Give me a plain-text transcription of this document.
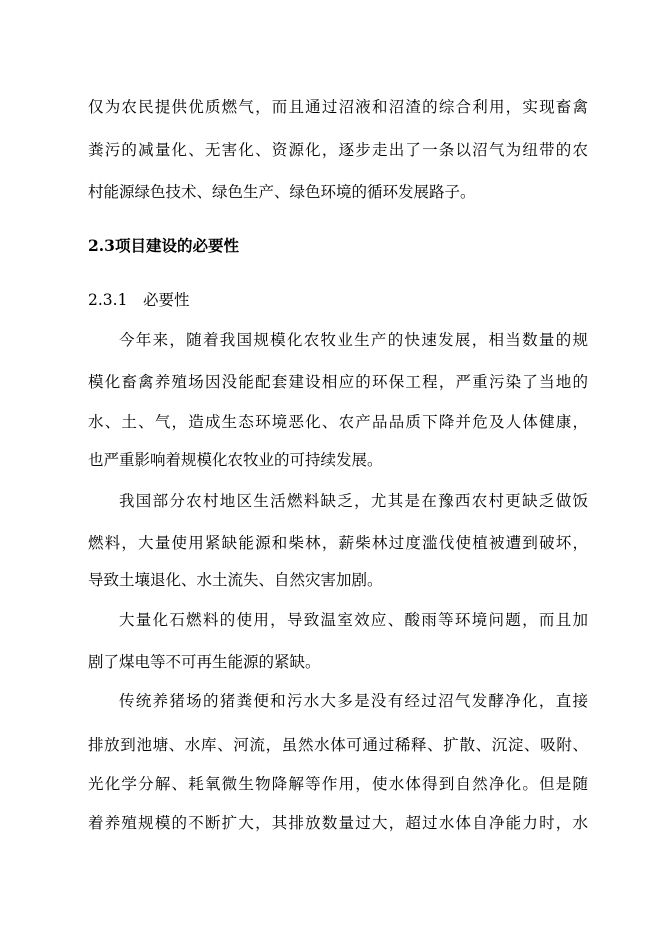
仅为农民提供优质燃气，而且通过沼液和沼渣的综合利用，实现畜禽
粪污的减量化、无害化、资源化，逐步走出了一条以沼气为纽带的农
村能源绿色技术、绿色生产、绿色环境的循环发展路子。
2.3项目建设的必要性
2.3.1　必要性
今年来，随着我国规模化农牧业生产的快速发展，相当数量的规
模化畜禽养殖场因没能配套建设相应的环保工程，严重污染了当地的
水、土、气，造成生态环境恶化、农产品品质下降并危及人体健康，
也严重影响着规模化农牧业的可持续发展。
我国部分农村地区生活燃料缺乏，尤其是在豫西农村更缺乏做饭
燃料，大量使用紧缺能源和柴林，薪柴林过度滥伐使植被遭到破坏，
导致土壤退化、水土流失、自然灾害加剧。
大量化石燃料的使用，导致温室效应、酸雨等环境问题，而且加
剧了煤电等不可再生能源的紧缺。
传统养猪场的猪粪便和污水大多是没有经过沼气发酵净化，直接
排放到池塘、水库、河流，虽然水体可通过稀释、扩散、沉淀、吸附、
光化学分解、耗氧微生物降解等作用，使水体得到自然净化。但是随
着养殖规模的不断扩大，其排放数量过大，超过水体自净能力时，水
